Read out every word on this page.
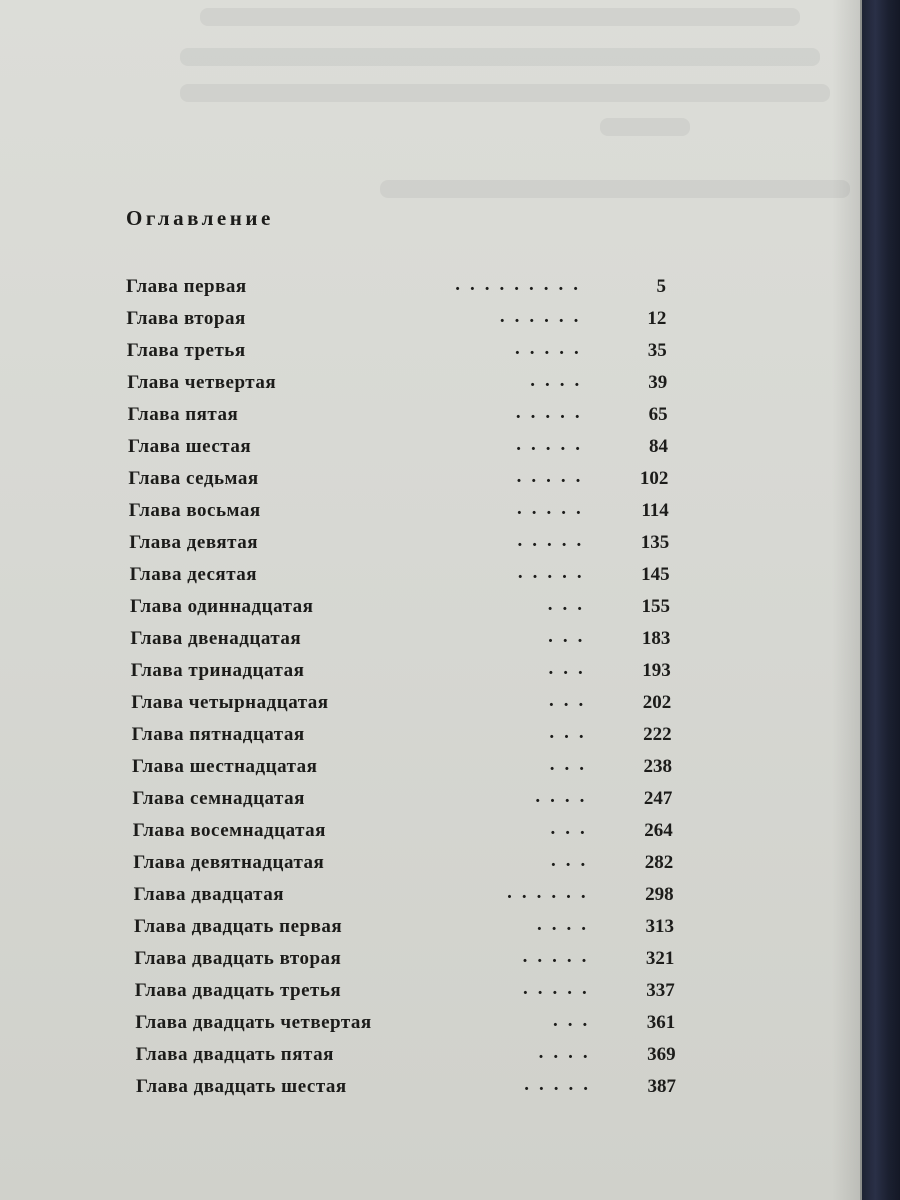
Оглавление
Глава первая	.........	5
Глава вторая	......	12
Глава третья	.....	35
Глава четвертая	....	39
Глава пятая	.....	65
Глава шестая	.....	84
Глава седьмая	.....	102
Глава восьмая	.....	114
Глава девятая	.....	135
Глава десятая	.....	145
Глава одиннадцатая	...	155
Глава двенадцатая	...	183
Глава тринадцатая	...	193
Глава четырнадцатая	...	202
Глава пятнадцатая	...	222
Глава шестнадцатая	...	238
Глава семнадцатая	....	247
Глава восемнадцатая	...	264
Глава девятнадцатая	...	282
Глава двадцатая	......	298
Глава двадцать первая	....	313
Глава двадцать вторая	.....	321
Глава двадцать третья	.....	337
Глава двадцать четвертая	...	361
Глава двадцать пятая	....	369
Глава двадцать шестая	.....	387
